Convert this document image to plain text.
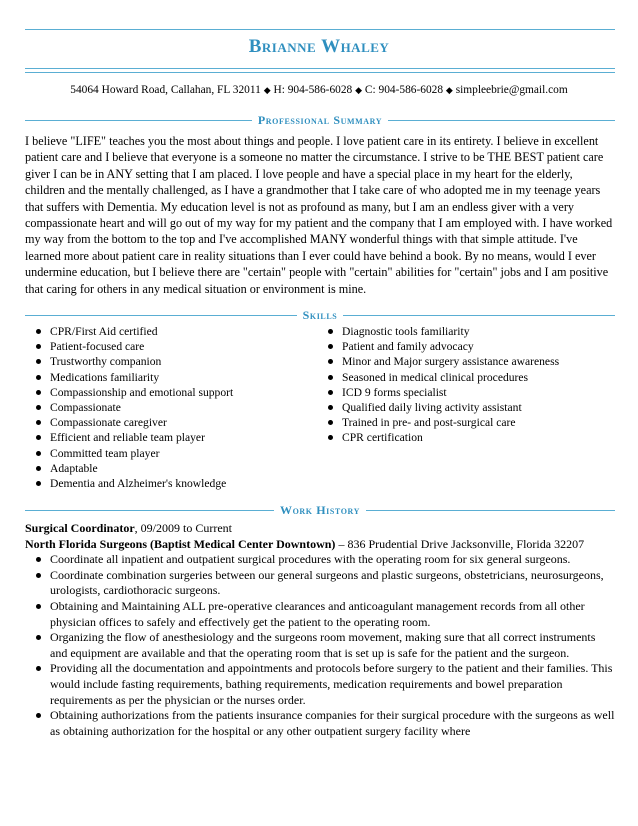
Brianne Whaley
54064 Howard Road, Callahan, FL 32011 ◆ H: 904-586-6028 ◆ C: 904-586-6028 ◆ simpleebrie@gmail.com
Professional Summary
I believe "LIFE" teaches you the most about things and people. I love patient care in its entirety. I believe in excellent patient care and I believe that everyone is a someone no matter the circumstance. I strive to be THE BEST patient care giver I can be in ANY setting that I am placed. I love people and have a special place in my heart for the elderly, children and the mentally challenged, as I have a grandmother that I take care of who adopted me in my teenage years that suffers with Dementia. My education level is not as profound as many, but I am an endless giver with a very compassionate heart and will go out of my way for my patient and the company that I am employed with. I have worked my way from the bottom to the top and I've accomplished MANY wonderful things with that simple attitude. I've learned more about patient care in reality situations than I ever could have behind a book. By no means, would I ever undermine education, but I believe there are "certain" people with "certain" abilities for "certain" jobs and I am positive that caring for others in any medical situation or environment is mine.
Skills
CPR/First Aid certified
Patient-focused care
Trustworthy companion
Medications familiarity
Compassionship and emotional support
Compassionate
Compassionate caregiver
Efficient and reliable team player
Committed team player
Adaptable
Dementia and Alzheimer's knowledge
Diagnostic tools familiarity
Patient and family advocacy
Minor and Major surgery assistance awareness
Seasoned in medical clinical procedures
ICD 9 forms specialist
Qualified daily living activity assistant
Trained in pre- and post-surgical care
CPR certification
Work History

Surgical Coordinator, 09/2009 to Current

North Florida Surgeons (Baptist Medical Center Downtown) – 836 Prudential Drive Jacksonville, Florida 32207

Coordinate all inpatient and outpatient surgical procedures with the operating room for six general surgeons.
Coordinate combination surgeries between our general surgeons and plastic surgeons, obstetricians, neurosurgeons, urologists, cardiothoracic surgeons.
Obtaining and Maintaining ALL pre-operative clearances and anticoagulant management records from all other physician offices to safely and effectively get the patient to the operating room.
Organizing the flow of anesthesiology and the surgeons room movement, making sure that all correct instruments and equipment are available and that the operating room that is set up is safe for the patient and the surgeon.
Providing all the documentation and appointments and protocols before surgery to the patient and their families. This would include fasting requirements, bathing requirements, medication requirements and bowel preparation requirements as per the physician or the nurses order.
Obtaining authorizations from the patients insurance companies for their surgical procedure with the surgeons as well as obtaining authorization for the hospital or any other outpatient surgery facility where
